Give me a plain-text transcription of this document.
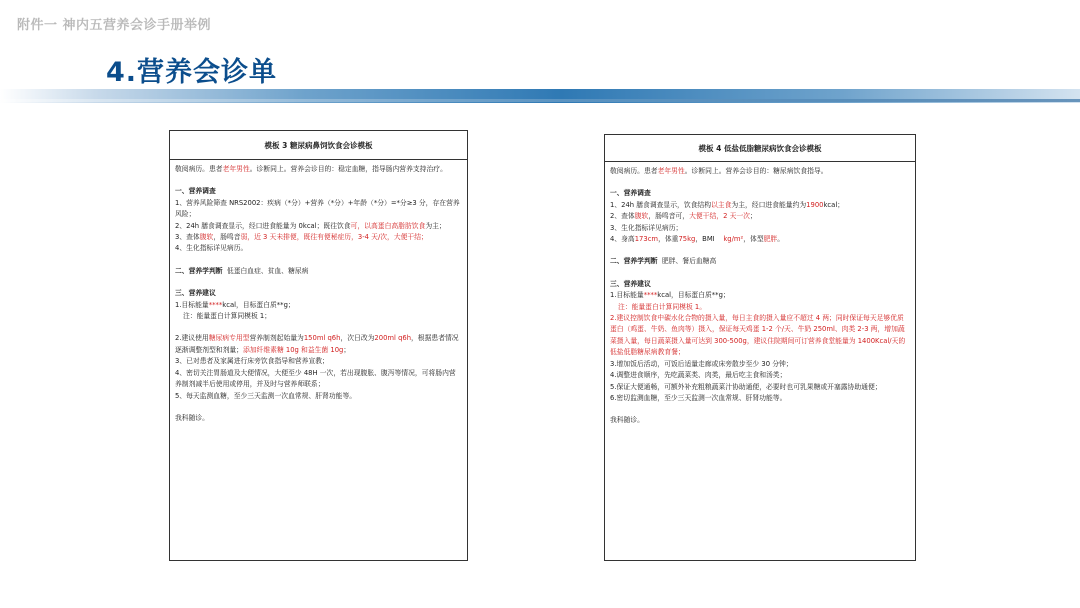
附件一 神内五营养会诊手册举例
4.营养会诊单
模板 3 糖尿病鼻饲饮食会诊模板

敬阅病历。患者老年男性。诊断同上。营养会诊目的：稳定血糖，指导肠内营养支持治疗。

一、营养调查

1、营养风险筛查 NRS2002：疾病（*分）+营养（*分）+年龄（*分）=*分≥3 分，存在营养风险；

2、24h 膳食调查显示，经口进食能量为 0kcal；既往饮食可，以高蛋白高脂肪饮食为主；

3、查体腹软，肠鸣音弱，近 3 天未排便，既往有便秘症历，3-4 天/次，大便干结；

4、生化指标详见病历。

二、营养学判断 低蛋白血症、贫血、糖尿病

三、营养建议

1.目标能量****kcal，目标蛋白质**g；

注：能量蛋白计算同模板 1；

2.建议使用糖尿病专用型营养制剂起始量为150ml q6h，次日改为200ml q6h，根据患者情况逐渐调整剂型和剂量；添加纤维素糖 10g 和益生菌 10g；

3、已对患者及家属进行床旁饮食指导和营养宣教；

4、密切关注胃肠道及大便情况，大便至少 48H 一次，若出现腹胀、腹泻等情况，可将肠内营养制剂减半后使用或停用，并及时与营养师联系；

5、每天监测血糖，至少三天监测一次血常规、肝肾功能等。

我科随诊。

模板 4 低盐低脂糖尿病饮食会诊模板

敬阅病历。患者老年男性。诊断同上。营养会诊目的：糖尿病饮食指导。

一、营养调查

1、24h 膳食调查显示，饮食结构以主食为主，经口进食能量约为1900kcal；

2、查体腹软，肠鸣音可，大便干结，2 天一次；

3、生化指标详见病历；

4、身高173cm，体重75kg，BMI kg/m²，体型肥胖。

二、营养学判断 肥胖、餐后血糖高

三、营养建议

1.目标能量****kcal，目标蛋白质**g；

注：能量蛋白计算同模板 1。

2.建议控制饮食中碳水化合物的摄入量，每日主食的摄入量应不超过 4 两；同时保证每天足够优质蛋白（鸡蛋、牛奶、鱼肉等）摄入，保证每天鸡蛋 1-2 个/天、牛奶 250ml、肉类 2-3 两，增加蔬菜摄入量，每日蔬菜摄入量可达到 300-500g，建议住院期间可订营养食堂能量为 1400Kcal/天的低盐低脂糖尿病教育餐；

3.增加饭后活动，可饭后适量走廊或床旁散步至少 30 分钟；

4.调整进食顺序，先吃蔬菜类、肉类，最后吃主食和汤类；

5.保证大便通畅，可额外补充粗粮蔬菜汁协助通便，必要时也可乳果糖或开塞露协助通便；

6.密切监测血糖，至少三天监测一次血常规、肝肾功能等。

我科随诊。
